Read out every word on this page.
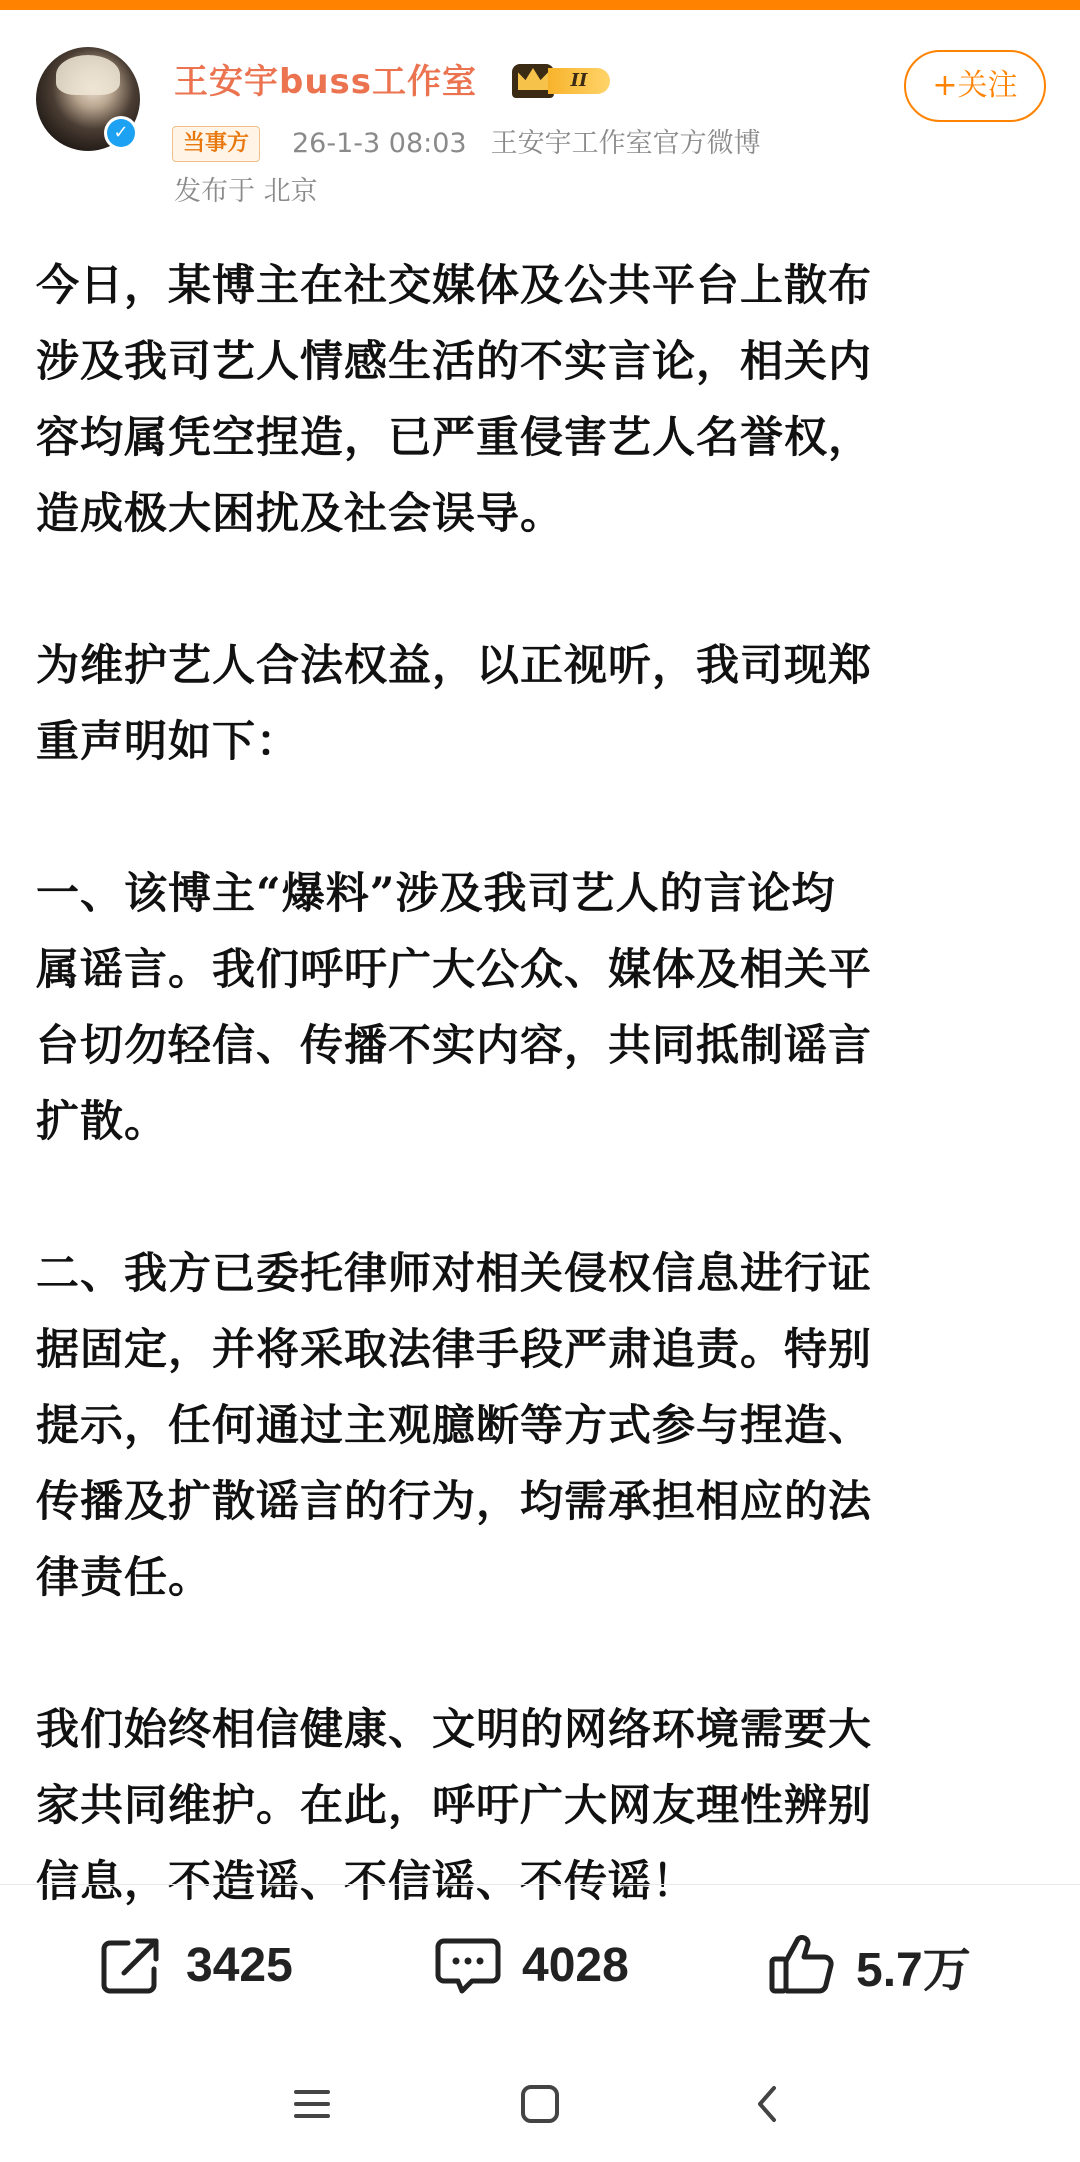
✓
王安宇buss工作室	II	+关注
当事方	26-1-3 08:03 王安宇工作室官方微博
发布于 北京

今日，某博主在社交媒体及公共平台上散布
涉及我司艺人情感生活的不实言论，相关内
容均属凭空捏造，已严重侵害艺人名誉权，
造成极大困扰及社会误导。

为维护艺人合法权益，以正视听，我司现郑
重声明如下：

一、该博主“爆料”涉及我司艺人的言论均
属谣言。我们呼吁广大公众、媒体及相关平
台切勿轻信、传播不实内容，共同抵制谣言
扩散。

二、我方已委托律师对相关侵权信息进行证
据固定，并将采取法律手段严肃追责。特别
提示，任何通过主观臆断等方式参与捏造、
传播及扩散谣言的行为，均需承担相应的法
律责任。

我们始终相信健康、文明的网络环境需要大
家共同维护。在此，呼吁广大网友理性辨别
信息，不造谣、不信谣、不传谣！

3425	4028	5.7万
